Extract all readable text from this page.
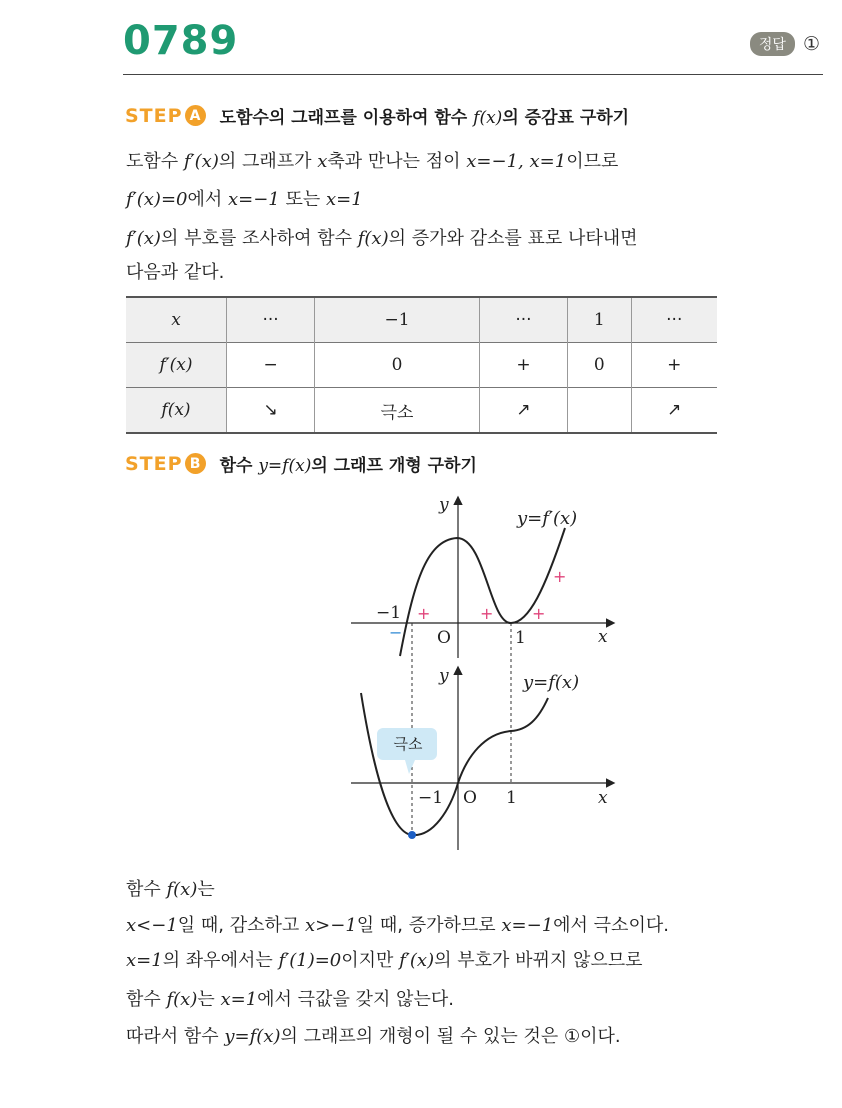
0789	정답 ①
STEP A 도함수의 그래프를 이용하여 함수 f(x)의 증감표 구하기
도함수 f′(x)의 그래프가 x축과 만나는 점이 x=−1, x=1이므로
f′(x)=0에서 x=−1 또는 x=1
f′(x)의 부호를 조사하여 함수 f(x)의 증가와 감소를 표로 나타내면
다음과 같다.
x	···	−1	···	1	···
f′(x)	−	0	+	0	+
f(x)	↘	극소	↗		↗
STEP B	함수 y=f(x)의 그래프 개형 구하기
극소
y
y=f′(x)
x
O
−1
1
+	+ +
+
−
y	y=f(x)
x
O
−1	1
함수 f(x)는
x<−1일 때, 감소하고 x>−1일 때, 증가하므로 x=−1에서 극소이다.
x=1의 좌우에서는 f′(1)=0이지만 f′(x)의 부호가 바뀌지 않으므로
함수 f(x)는 x=1에서 극값을 갖지 않는다.
따라서 함수 y=f(x)의 그래프의 개형이 될 수 있는 것은 ①이다.
